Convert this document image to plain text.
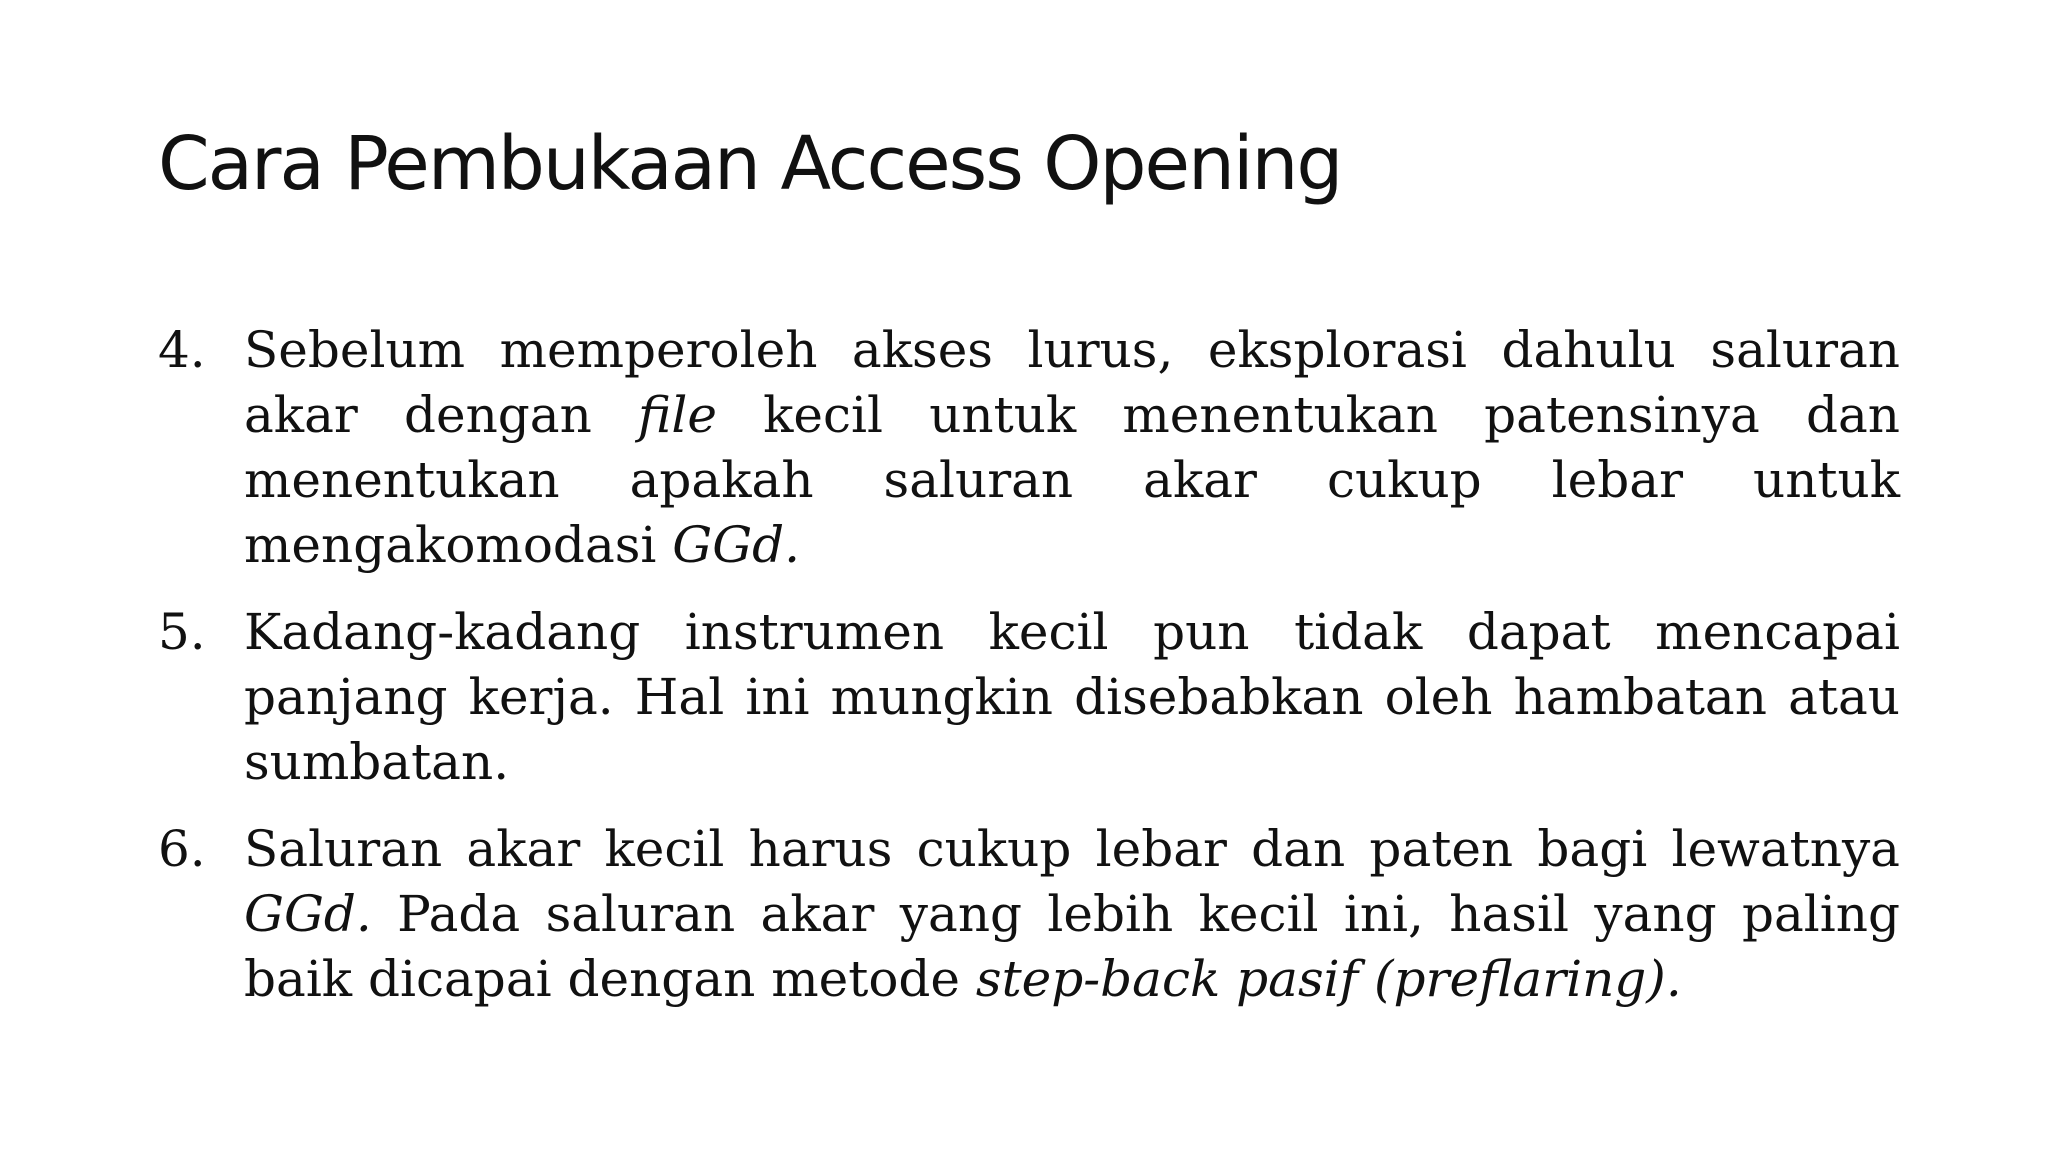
Cara Pembukaan Access Opening
4. Sebelum memperoleh akses lurus, eksplorasi dahulu saluran akar dengan file kecil untuk menentukan patensinya dan menentukan apakah saluran akar cukup lebar untuk mengakomodasi GGd.
5. Kadang-kadang instrumen kecil pun tidak dapat mencapai panjang kerja. Hal ini mungkin disebabkan oleh hambatan atau sumbatan.
6. Saluran akar kecil harus cukup lebar dan paten bagi lewatnya GGd. Pada saluran akar yang lebih kecil ini, hasil yang paling baik dicapai dengan metode step-back pasif (preflaring).
